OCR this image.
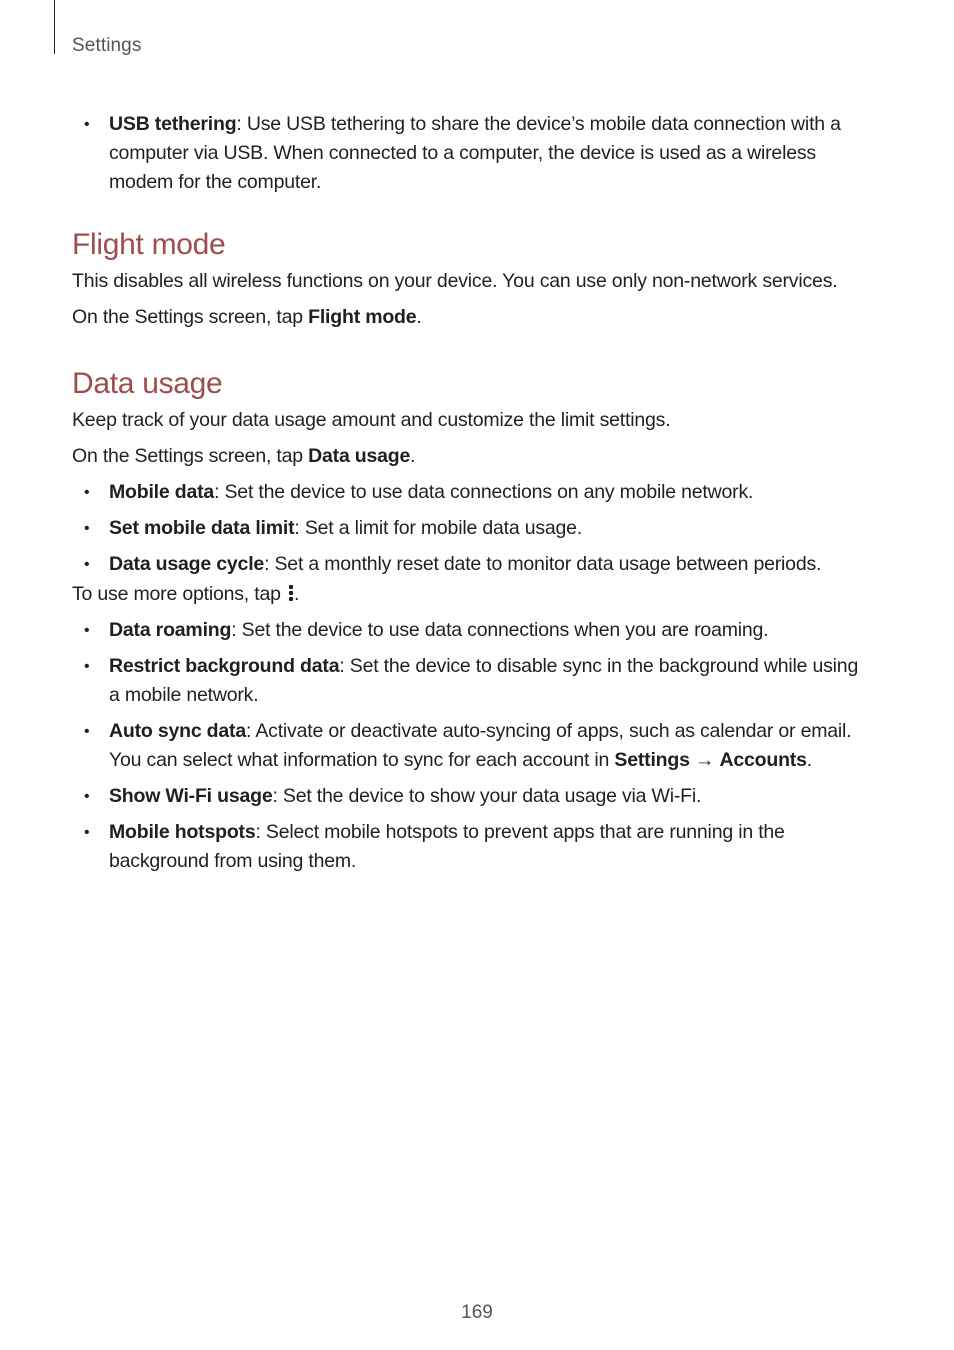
Settings
• USB tethering: Use USB tethering to share the device’s mobile data connection with a computer via USB. When connected to a computer, the device is used as a wireless modem for the computer.
Flight mode

This disables all wireless functions on your device. You can use only non-network services.

On the Settings screen, tap Flight mode.

Data usage

Keep track of your data usage amount and customize the limit settings.

On the Settings screen, tap Data usage.

• Mobile data: Set the device to use data connections on any mobile network.
• Set mobile data limit: Set a limit for mobile data usage.
• Data usage cycle: Set a monthly reset date to monitor data usage between periods.

To use more options, tap
.

• Data roaming: Set the device to use data connections when you are roaming.
• Restrict background data: Set the device to disable sync in the background while using a mobile network.
• Auto sync data: Activate or deactivate auto-syncing of apps, such as calendar or email. You can select what information to sync for each account in Settings → Accounts.
• Show Wi-Fi usage: Set the device to show your data usage via Wi-Fi.
• Mobile hotspots: Select mobile hotspots to prevent apps that are running in the background from using them.
169
